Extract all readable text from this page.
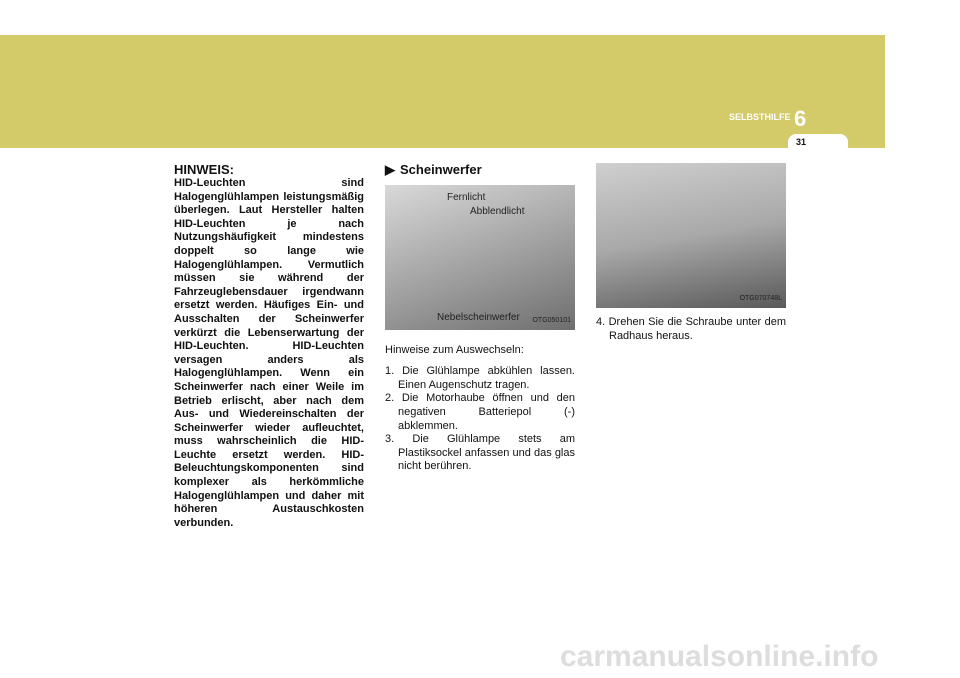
SELBSTHILFE 6
31
HINWEIS:
HID-Leuchten sind Halogenglühlampen leistungsmäßig überlegen. Laut Hersteller halten HID-Leuchten je nach Nutzungshäufigkeit mindestens doppelt so lange wie Halogenglühlampen. Vermutlich müssen sie während der Fahrzeuglebensdauer irgendwann ersetzt werden. Häufiges Ein- und Ausschalten der Scheinwerfer verkürzt die Lebenserwartung der HID-Leuchten. HID-Leuchten versagen anders als Halogenglühlampen. Wenn ein Scheinwerfer nach einer Weile im Betrieb erlischt, aber nach dem Aus- und Wiedereinschalten der Scheinwerfer wieder aufleuchtet, muss wahrscheinlich die HID-Leuchte ersetzt werden. HID-Beleuchtungskomponenten sind komplexer als herkömmliche Halogenglühlampen und daher mit höheren Austauschkosten verbunden.
▶ Scheinwerfer
Fernlicht
Abblendlicht
Nebelscheinwerfer OTG050101
Hinweise zum Auswechseln:
1. Die Glühlampe abkühlen lassen. Einen Augenschutz tragen.
2. Die Motorhaube öffnen und den negativen Batteriepol (-) abklemmen.
3. Die Glühlampe stets am Plastiksockel anfassen und das glas nicht berühren.
OTG070748L
4. Drehen Sie die Schraube unter dem Radhaus heraus.
carmanualsonline.info
